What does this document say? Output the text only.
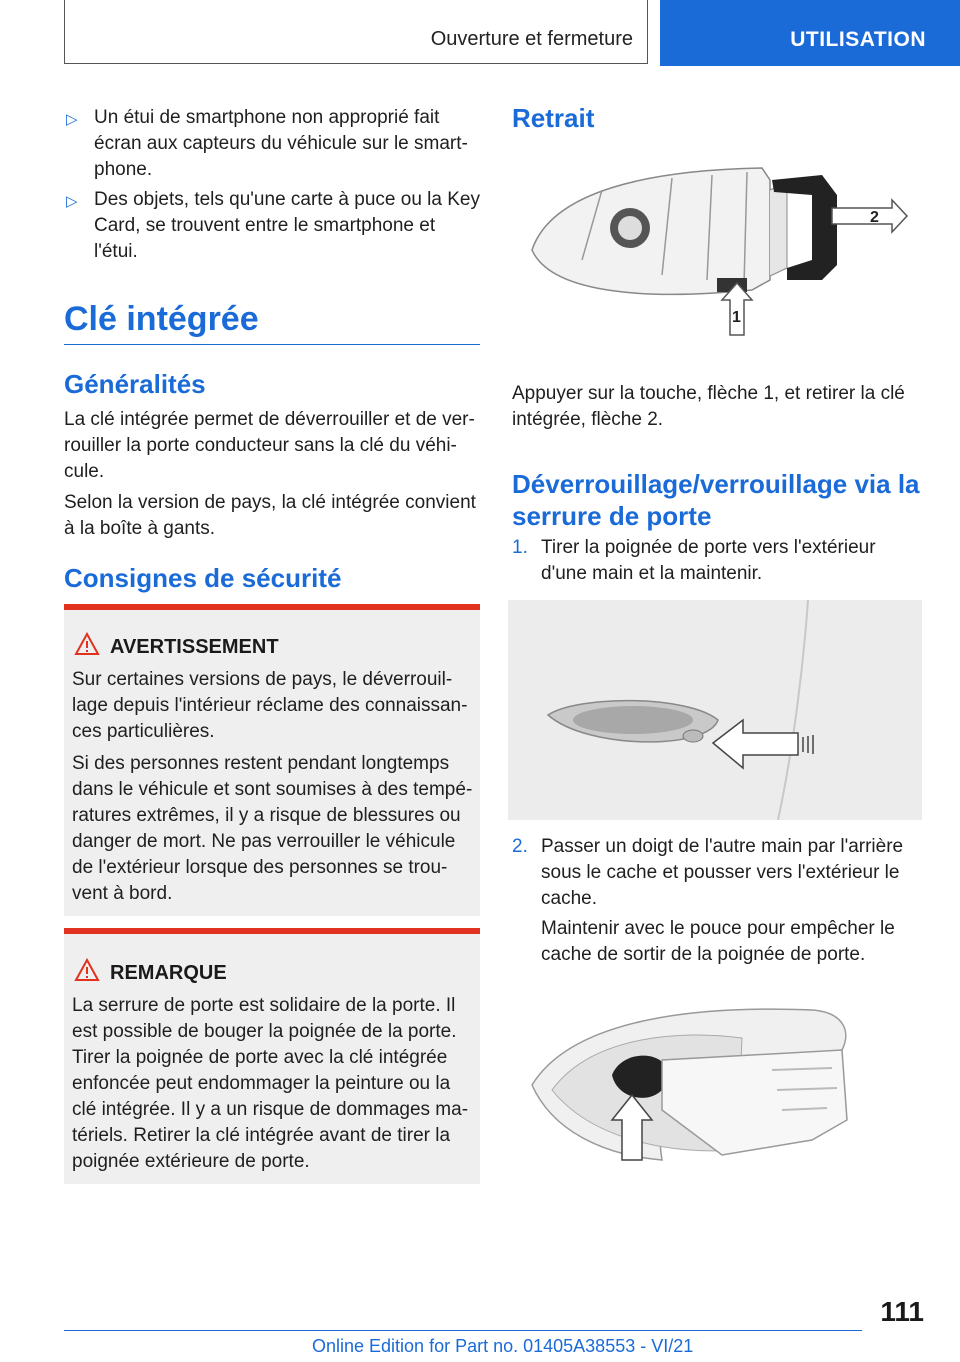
Ouverture et fermeture	UTILISATION
▷ Un étui de smartphone non approprié fait
écran aux capteurs du véhicule sur le smart-
phone.
▷ Des objets, tels qu'une carte à puce ou la Key
Card, se trouvent entre le smartphone et
l'étui.
Clé intégrée
Généralités
La clé intégrée permet de déverrouiller et de ver-
rouiller la porte conducteur sans la clé du véhi-
cule.
Selon la version de pays, la clé intégrée convient
à la boîte à gants.
Consignes de sécurité
AVERTISSEMENT
Sur certaines versions de pays, le déverrouil-
lage depuis l'intérieur réclame des connaissan-
ces particulières.
Si des personnes restent pendant longtemps
dans le véhicule et sont soumises à des tempé-
ratures extrêmes, il y a risque de blessures ou
danger de mort. Ne pas verrouiller le véhicule
de l'extérieur lorsque des personnes se trou-
vent à bord.
REMARQUE
La serrure de porte est solidaire de la porte. Il
est possible de bouger la poignée de la porte.
Tirer la poignée de porte avec la clé intégrée
enfoncée peut endommager la peinture ou la
clé intégrée. Il y a un risque de dommages ma-
tériels. Retirer la clé intégrée avant de tirer la
poignée extérieure de porte.
Retrait
2
1
Appuyer sur la touche, flèche 1, et retirer la clé
intégrée, flèche 2.
Déverrouillage/verrouillage via la
serrure de porte
1. Tirer la poignée de porte vers l'extérieur
d'une main et la maintenir.
2. Passer un doigt de l'autre main par l'arrière
sous le cache et pousser vers l'extérieur le
cache.
Maintenir avec le pouce pour empêcher le
cache de sortir de la poignée de porte.
111
Online Edition for Part no. 01405A38553 - VI/21
